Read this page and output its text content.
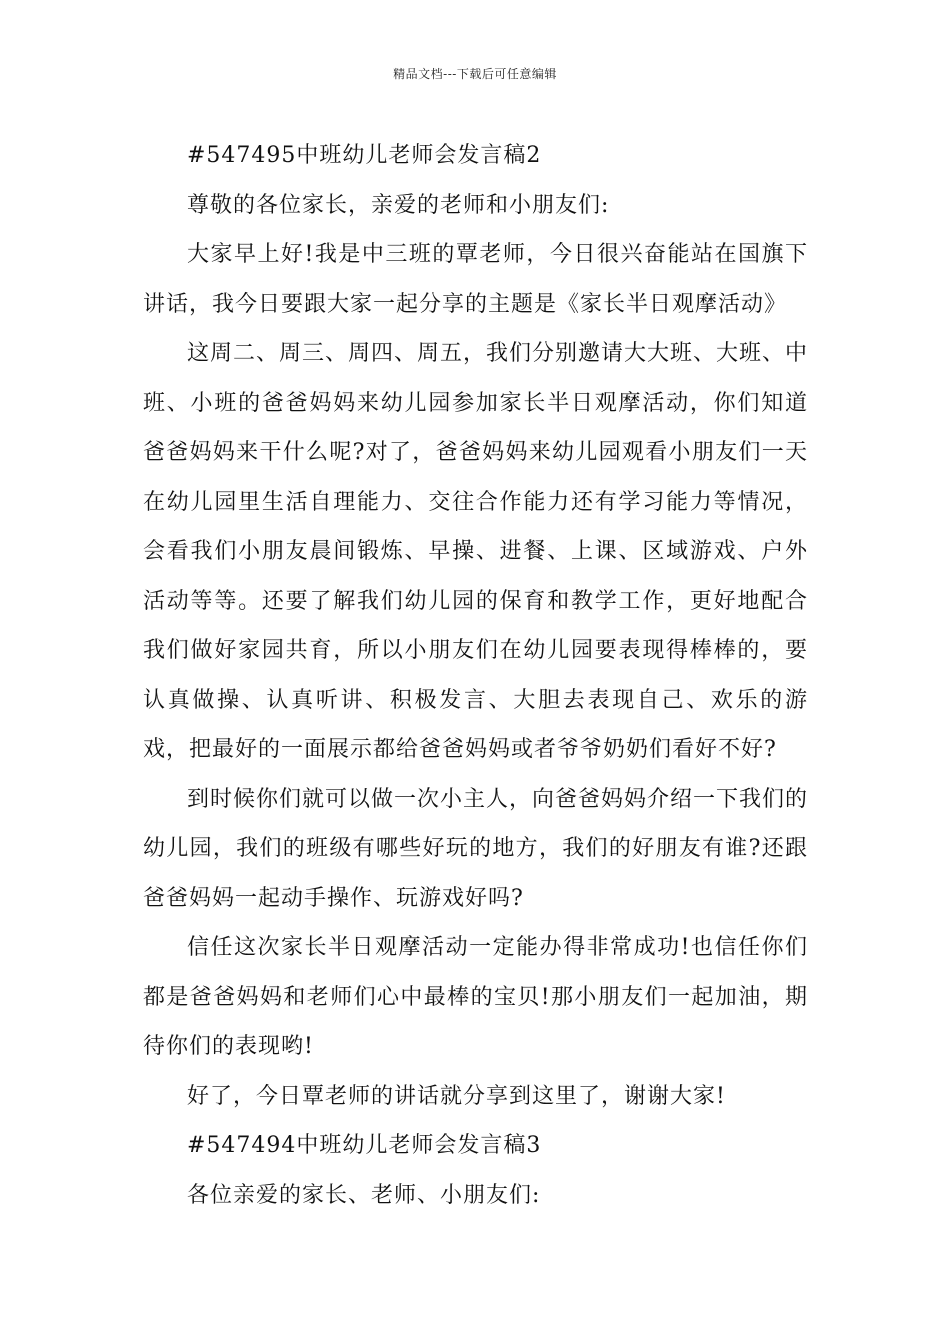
精品文档---下载后可任意编辑

#547495中班幼儿老师会发言稿2

尊敬的各位家长，亲爱的老师和小朋友们:

大家早上好!我是中三班的覃老师，今日很兴奋能站在国旗下讲话，我今日要跟大家一起分享的主题是《家长半日观摩活动》

这周二、周三、周四、周五，我们分别邀请大大班、大班、中班、小班的爸爸妈妈来幼儿园参加家长半日观摩活动，你们知道爸爸妈妈来干什么呢?对了，爸爸妈妈来幼儿园观看小朋友们一天在幼儿园里生活自理能力、交往合作能力还有学习能力等情况，会看我们小朋友晨间锻炼、早操、进餐、上课、区域游戏、户外活动等等。还要了解我们幼儿园的保育和教学工作，更好地配合我们做好家园共育，所以小朋友们在幼儿园要表现得棒棒的，要认真做操、认真听讲、积极发言、大胆去表现自己、欢乐的游戏，把最好的一面展示都给爸爸妈妈或者爷爷奶奶们看好不好?

到时候你们就可以做一次小主人，向爸爸妈妈介绍一下我们的幼儿园，我们的班级有哪些好玩的地方，我们的好朋友有谁?还跟爸爸妈妈一起动手操作、玩游戏好吗?

信任这次家长半日观摩活动一定能办得非常成功!也信任你们都是爸爸妈妈和老师们心中最棒的宝贝!那小朋友们一起加油，期待你们的表现哟!

好了，今日覃老师的讲话就分享到这里了，谢谢大家!

#547494中班幼儿老师会发言稿3

各位亲爱的家长、老师、小朋友们:
